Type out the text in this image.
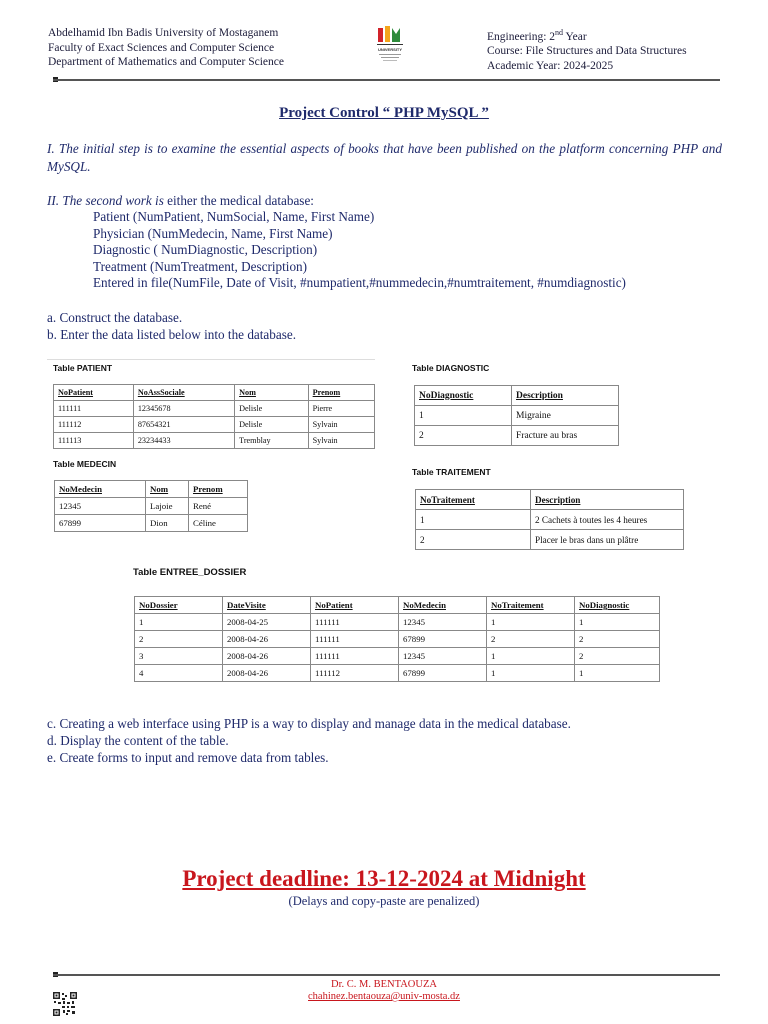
Abdelhamid Ibn Badis University of Mostaganem
Faculty of Exact Sciences and Computer Science
Department of Mathematics and Computer Science
UNIVERSITY
Engineering: 2nd Year
Course: File Structures and Data Structures
Academic Year: 2024-2025
Project Control “ PHP MySQL ”
I. The initial step is to examine the essential aspects of books that have been published on the platform concerning PHP and MySQL.
II. The second work is either the medical database:
Patient (NumPatient, NumSocial, Name, First Name)
Physician (NumMedecin, Name, First Name)
Diagnostic ( NumDiagnostic, Description)
Treatment (NumTreatment, Description)
Entered in file(NumFile, Date of Visit, #numpatient,#nummedecin,#numtraitement, #numdiagnostic)
a. Construct the database.
b. Enter the data listed below into the database.
Table PATIENT
NoPatient	NoAssSociale	Nom	Prenom
111111	12345678	Delisle	Pierre
111112	87654321	Delisle	Sylvain
111113	23234433	Tremblay	Sylvain
Table DIAGNOSTIC
NoDiagnostic	Description
1	Migraine
2	Fracture au bras
Table MEDECIN
NoMedecin	Nom	Prenom
12345	Lajoie	René
67899	Dion	Céline
Table TRAITEMENT
NoTraitement	Description
1	2 Cachets à toutes les 4 heures
2	Placer le bras dans un plâtre
Table ENTREE_DOSSIER
NoDossier	DateVisite	NoPatient	NoMedecin	NoTraitement	NoDiagnostic
1	2008-04-25	111111	12345	1	1
2	2008-04-26	111111	67899	2	2
3	2008-04-26	111111	12345	1	2
4	2008-04-26	111112	67899	1	1
c. Creating a web interface using PHP is a way to display and manage data in the medical database.
d. Display the content of the table.
e. Create forms to input and remove data from tables.
Project deadline: 13-12-2024 at Midnight
(Delays and copy-paste are penalized)
Dr. C. M. BENTAOUZA
chahinez.bentaouza@univ-mosta.dz
